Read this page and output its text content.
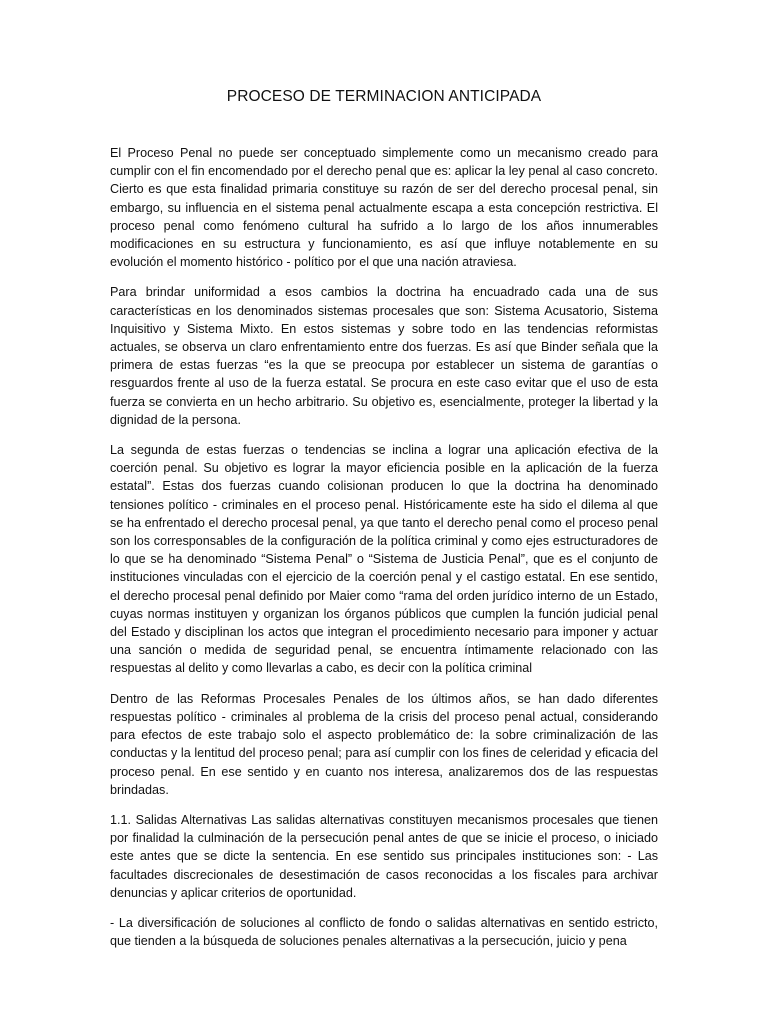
PROCESO DE TERMINACION ANTICIPADA

El Proceso Penal no puede ser conceptuado simplemente como un mecanismo creado para cumplir con el fin encomendado por el derecho penal que es: aplicar la ley penal al caso concreto. Cierto es que esta finalidad primaria constituye su razón de ser del derecho procesal penal, sin embargo, su influencia en el sistema penal actualmente escapa a esta concepción restrictiva. El proceso penal como fenómeno cultural ha sufrido a lo largo de los años innumerables modificaciones en su estructura y funcionamiento, es así que influye notablemente en su evolución el momento histórico - político por el que una nación atraviesa.

Para brindar uniformidad a esos cambios la doctrina ha encuadrado cada una de sus características en los denominados sistemas procesales que son: Sistema Acusatorio, Sistema Inquisitivo y Sistema Mixto. En estos sistemas y sobre todo en las tendencias reformistas actuales, se observa un claro enfrentamiento entre dos fuerzas. Es así que Binder señala que la primera de estas fuerzas “es la que se preocupa por establecer un sistema de garantías o resguardos frente al uso de la fuerza estatal. Se procura en este caso evitar que el uso de esta fuerza se convierta en un hecho arbitrario. Su objetivo es, esencialmente, proteger la libertad y la dignidad de la persona.

La segunda de estas fuerzas o tendencias se inclina a lograr una aplicación efectiva de la coerción penal. Su objetivo es lograr la mayor eficiencia posible en la aplicación de la fuerza estatal”. Estas dos fuerzas cuando colisionan producen lo que la doctrina ha denominado tensiones político - criminales en el proceso penal. Históricamente este ha sido el dilema al que se ha enfrentado el derecho procesal penal, ya que tanto el derecho penal como el proceso penal son los corresponsables de la configuración de la política criminal y como ejes estructuradores de lo que se ha denominado “Sistema Penal” o “Sistema de Justicia Penal”, que es el conjunto de instituciones vinculadas con el ejercicio de la coerción penal y el castigo estatal. En ese sentido, el derecho procesal penal definido por Maier como “rama del orden jurídico interno de un Estado, cuyas normas instituyen y organizan los órganos públicos que cumplen la función judicial penal del Estado y disciplinan los actos que integran el procedimiento necesario para imponer y actuar una sanción o medida de seguridad penal, se encuentra íntimamente relacionado con las respuestas al delito y como llevarlas a cabo, es decir con la política criminal

Dentro de las Reformas Procesales Penales de los últimos años, se han dado diferentes respuestas político - criminales al problema de la crisis del proceso penal actual, considerando para efectos de este trabajo solo el aspecto problemático de: la sobre criminalización de las conductas y la lentitud del proceso penal; para así cumplir con los fines de celeridad y eficacia del proceso penal. En ese sentido y en cuanto nos interesa, analizaremos dos de las respuestas brindadas.

1.1. Salidas Alternativas Las salidas alternativas constituyen mecanismos procesales que tienen por finalidad la culminación de la persecución penal antes de que se inicie el proceso, o iniciado este antes que se dicte la sentencia. En ese sentido sus principales instituciones son: - Las facultades discrecionales de desestimación de casos reconocidas a los fiscales para archivar denuncias y aplicar criterios de oportunidad.

- La diversificación de soluciones al conflicto de fondo o salidas alternativas en sentido estricto, que tienden a la búsqueda de soluciones penales alternativas a la persecución, juicio y pena
